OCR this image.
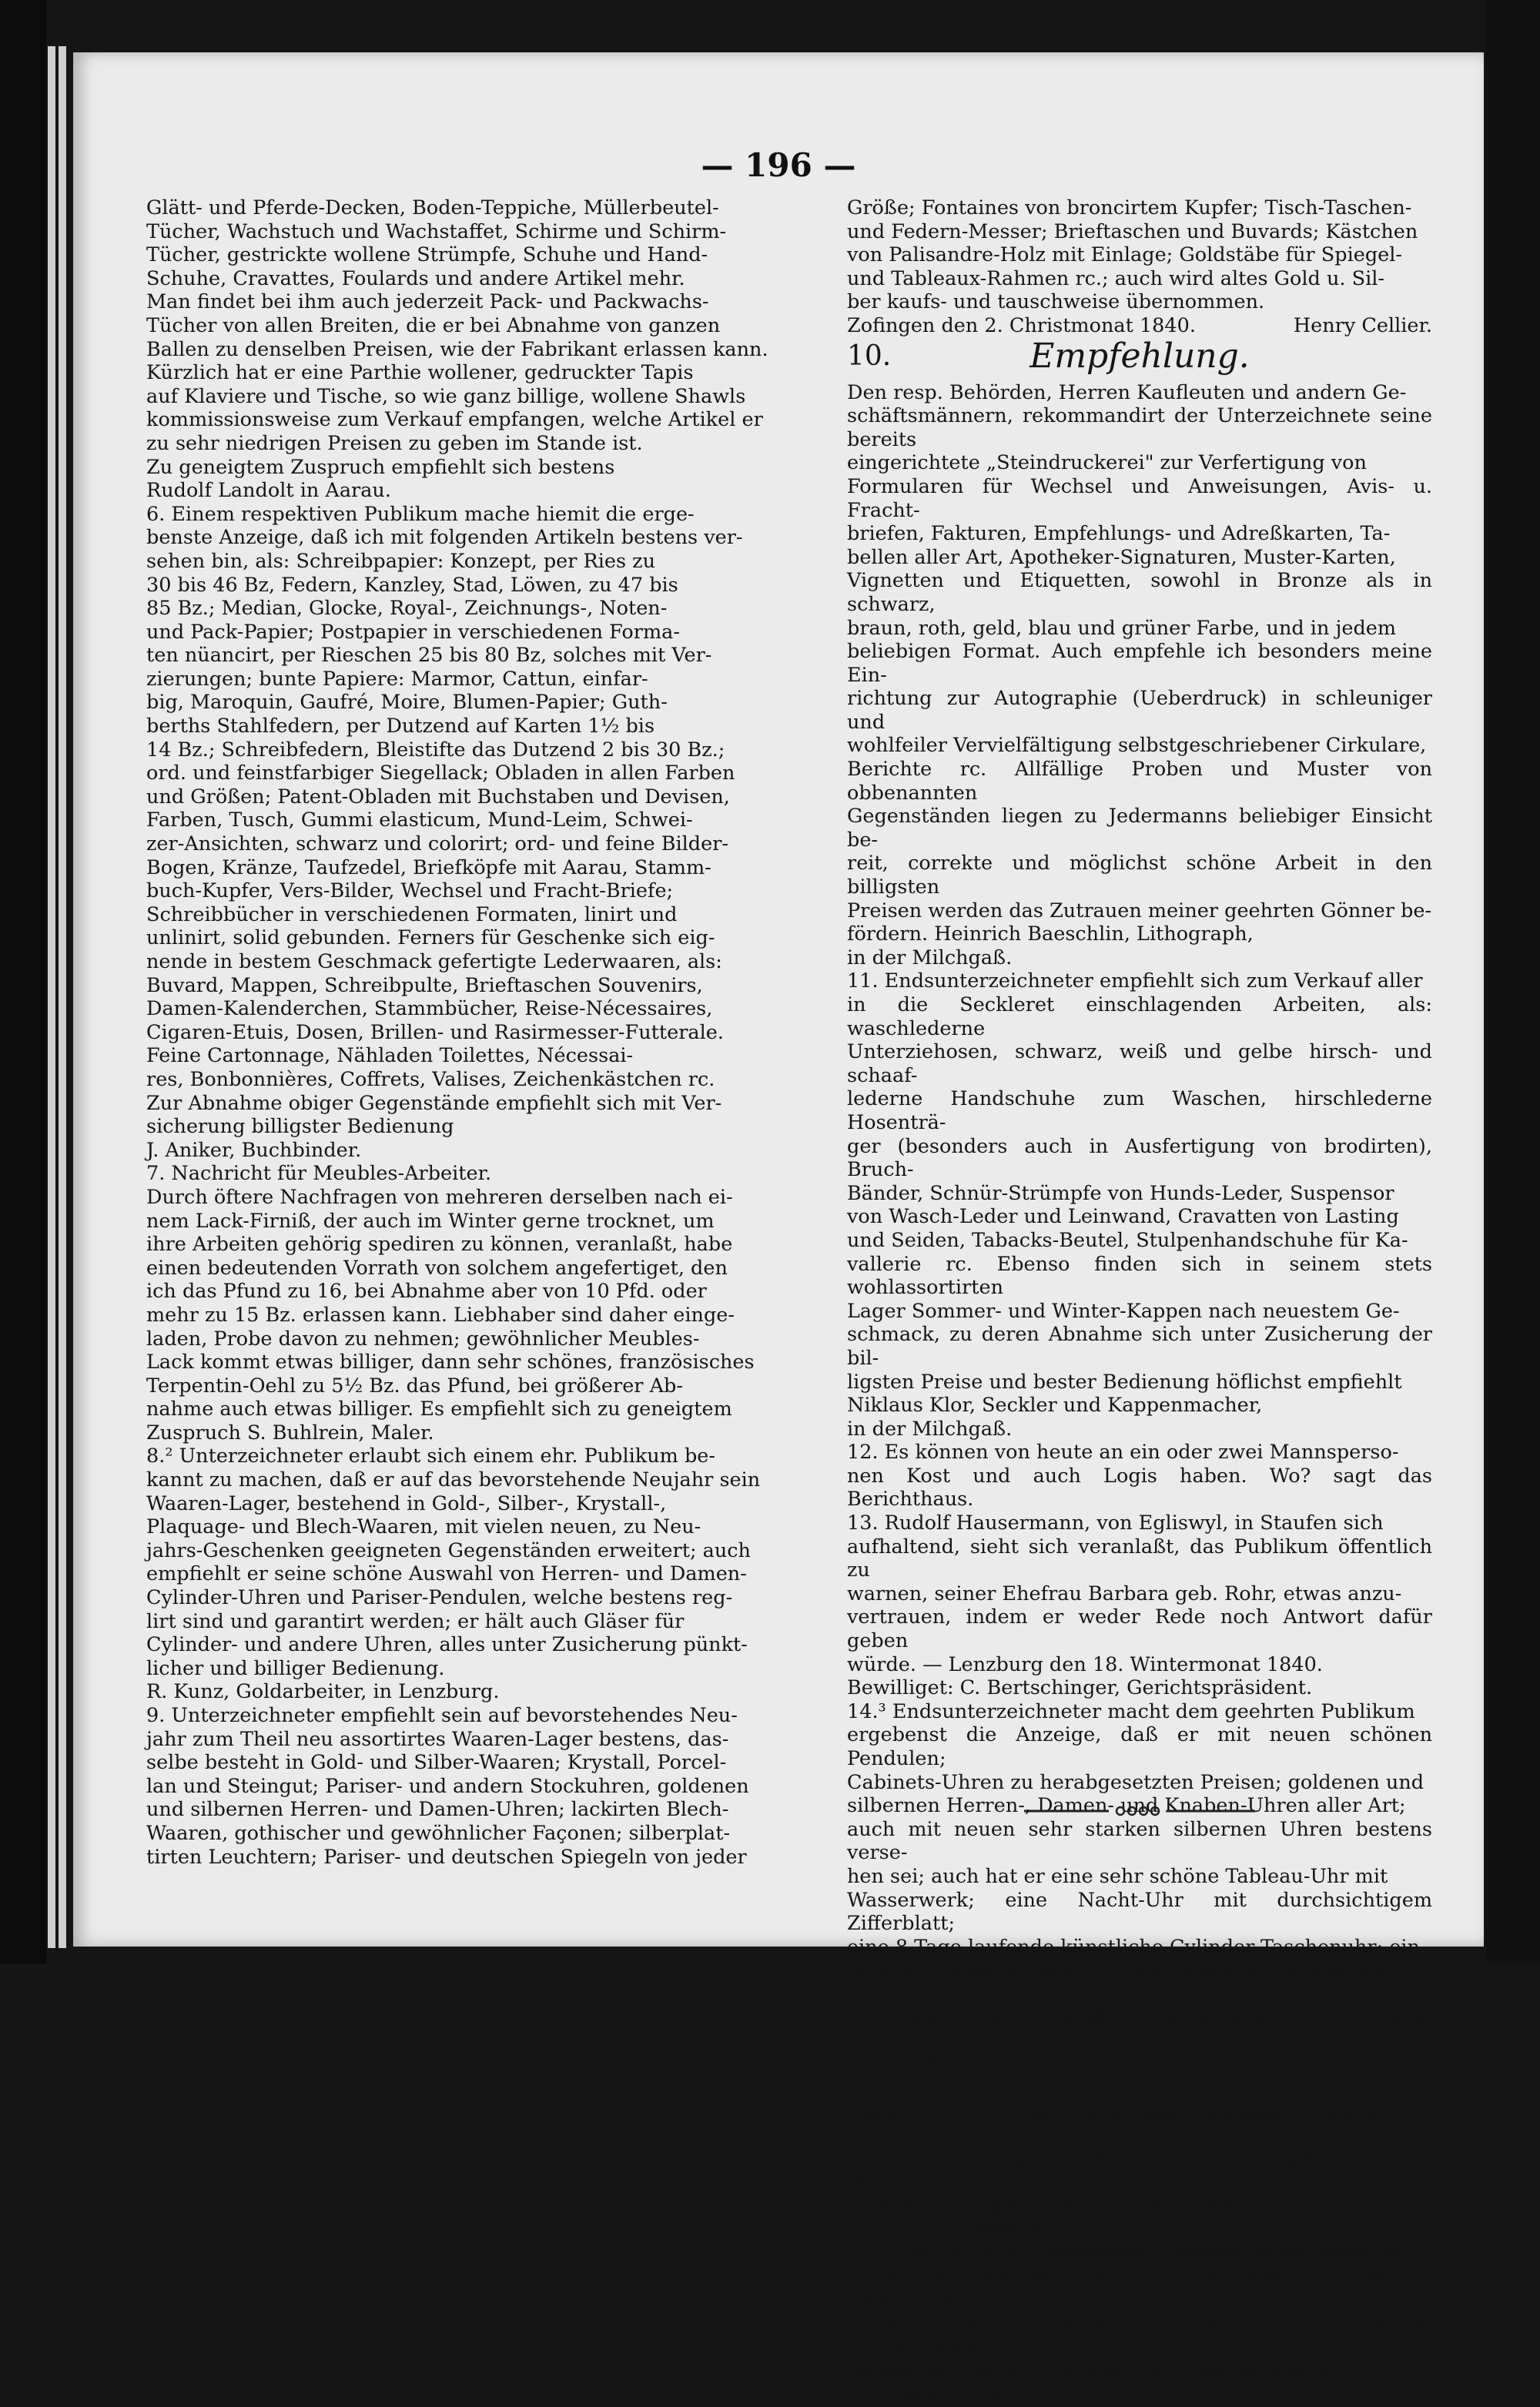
— 196 —

Glätt- und Pferde-Decken, Boden-Teppiche, Müllerbeutel-

Tücher, Wachstuch und Wachstaffet, Schirme und Schirm-

Tücher, gestrickte wollene Strümpfe, Schuhe und Hand-

Schuhe, Cravattes, Foulards und andere Artikel mehr.

Man findet bei ihm auch jederzeit Pack- und Packwachs-

Tücher von allen Breiten, die er bei Abnahme von ganzen

Ballen zu denselben Preisen, wie der Fabrikant erlassen kann.

Kürzlich hat er eine Parthie wollener, gedruckter Tapis

auf Klaviere und Tische, so wie ganz billige, wollene Shawls

kommissionsweise zum Verkauf empfangen, welche Artikel er

zu sehr niedrigen Preisen zu geben im Stande ist.

Zu geneigtem Zuspruch empfiehlt sich bestens

Rudolf Landolt in Aarau.

6. Einem respektiven Publikum mache hiemit die erge-

benste Anzeige, daß ich mit folgenden Artikeln bestens ver-

sehen bin, als: Schreibpapier: Konzept, per Ries zu

30 bis 46 Bz, Federn, Kanzley, Stad, Löwen, zu 47 bis

85 Bz.; Median, Glocke, Royal-, Zeichnungs-, Noten-

und Pack-Papier; Postpapier in verschiedenen Forma-

ten nüancirt, per Rieschen 25 bis 80 Bz, solches mit Ver-

zierungen; bunte Papiere: Marmor, Cattun, einfar-

big, Maroquin, Gaufré, Moire, Blumen-Papier; Guth-

berths Stahlfedern, per Dutzend auf Karten 1½ bis

14 Bz.; Schreibfedern, Bleistifte das Dutzend 2 bis 30 Bz.;

ord. und feinstfarbiger Siegellack; Obladen in allen Farben

und Größen; Patent-Obladen mit Buchstaben und Devisen,

Farben, Tusch, Gummi elasticum, Mund-Leim, Schwei-

zer-Ansichten, schwarz und colorirt; ord- und feine Bilder-

Bogen, Kränze, Taufzedel, Briefköpfe mit Aarau, Stamm-

buch-Kupfer, Vers-Bilder, Wechsel und Fracht-Briefe;

Schreibbücher in verschiedenen Formaten, linirt und

unlinirt, solid gebunden. Ferners für Geschenke sich eig-

nende in bestem Geschmack gefertigte Lederwaaren, als:

Buvard, Mappen, Schreibpulte, Brieftaschen Souvenirs,

Damen-Kalenderchen, Stammbücher, Reise-Nécessaires,

Cigaren-Etuis, Dosen, Brillen- und Rasirmesser-Futterale.

Feine Cartonnage, Nähladen Toilettes, Nécessai-

res, Bonbonnières, Coffrets, Valises, Zeichenkästchen rc.

Zur Abnahme obiger Gegenstände empfiehlt sich mit Ver-

sicherung billigster Bedienung

J. Aniker, Buchbinder.

7. Nachricht für Meubles-Arbeiter.

Durch öftere Nachfragen von mehreren derselben nach ei-

nem Lack-Firniß, der auch im Winter gerne trocknet, um

ihre Arbeiten gehörig spediren zu können, veranlaßt, habe

einen bedeutenden Vorrath von solchem angefertiget, den

ich das Pfund zu 16, bei Abnahme aber von 10 Pfd. oder

mehr zu 15 Bz. erlassen kann. Liebhaber sind daher einge-

laden, Probe davon zu nehmen; gewöhnlicher Meubles-

Lack kommt etwas billiger, dann sehr schönes, französisches

Terpentin-Oehl zu 5½ Bz. das Pfund, bei größerer Ab-

nahme auch etwas billiger. Es empfiehlt sich zu geneigtem

Zuspruch S. Buhlrein, Maler.

8.² Unterzeichneter erlaubt sich einem ehr. Publikum be-

kannt zu machen, daß er auf das bevorstehende Neujahr sein

Waaren-Lager, bestehend in Gold-, Silber-, Krystall-,

Plaquage- und Blech-Waaren, mit vielen neuen, zu Neu-

jahrs-Geschenken geeigneten Gegenständen erweitert; auch

empfiehlt er seine schöne Auswahl von Herren- und Damen-

Cylinder-Uhren und Pariser-Pendulen, welche bestens reg-

lirt sind und garantirt werden; er hält auch Gläser für

Cylinder- und andere Uhren, alles unter Zusicherung pünkt-

licher und billiger Bedienung.

R. Kunz, Goldarbeiter, in Lenzburg.

9. Unterzeichneter empfiehlt sein auf bevorstehendes Neu-

jahr zum Theil neu assortirtes Waaren-Lager bestens, das-

selbe besteht in Gold- und Silber-Waaren; Krystall, Porcel-

lan und Steingut; Pariser- und andern Stockuhren, goldenen

und silbernen Herren- und Damen-Uhren; lackirten Blech-

Waaren, gothischer und gewöhnlicher Façonen; silberplat-

tirten Leuchtern; Pariser- und deutschen Spiegeln von jeder

Größe; Fontaines von broncirtem Kupfer; Tisch-Taschen-

und Federn-Messer; Brieftaschen und Buvards; Kästchen

von Palisandre-Holz mit Einlage; Goldstäbe für Spiegel-

und Tableaux-Rahmen rc.; auch wird altes Gold u. Sil-

ber kaufs- und tauschweise übernommen.

Zofingen den 2. Christmonat 1840.	Henry Cellier.

10.	Empfehlung.

Den resp. Behörden, Herren Kaufleuten und andern Ge-

schäftsmännern, rekommandirt der Unterzeichnete seine bereits

eingerichtete „Steindruckerei" zur Verfertigung von

Formularen für Wechsel und Anweisungen, Avis- u. Fracht-

briefen, Fakturen, Empfehlungs- und Adreßkarten, Ta-

bellen aller Art, Apotheker-Signaturen, Muster-Karten,

Vignetten und Etiquetten, sowohl in Bronze als in schwarz,

braun, roth, geld, blau und grüner Farbe, und in jedem

beliebigen Format. Auch empfehle ich besonders meine Ein-

richtung zur Autographie (Ueberdruck) in schleuniger und

wohlfeiler Vervielfältigung selbstgeschriebener Cirkulare,

Berichte rc. Allfällige Proben und Muster von obbenannten

Gegenständen liegen zu Jedermanns beliebiger Einsicht be-

reit, correkte und möglichst schöne Arbeit in den billigsten

Preisen werden das Zutrauen meiner geehrten Gönner be-

fördern. Heinrich Baeschlin, Lithograph,

in der Milchgaß.

11. Endsunterzeichneter empfiehlt sich zum Verkauf aller

in die Seckleret einschlagenden Arbeiten, als: waschlederne

Unterziehosen, schwarz, weiß und gelbe hirsch- und schaaf-

lederne Handschuhe zum Waschen, hirschlederne Hosenträ-

ger (besonders auch in Ausfertigung von brodirten), Bruch-

Bänder, Schnür-Strümpfe von Hunds-Leder, Suspensor

von Wasch-Leder und Leinwand, Cravatten von Lasting

und Seiden, Tabacks-Beutel, Stulpenhandschuhe für Ka-

vallerie rc. Ebenso finden sich in seinem stets wohlassortirten

Lager Sommer- und Winter-Kappen nach neuestem Ge-

schmack, zu deren Abnahme sich unter Zusicherung der bil-

ligsten Preise und bester Bedienung höflichst empfiehlt

Niklaus Klor, Seckler und Kappenmacher,

in der Milchgaß.

12. Es können von heute an ein oder zwei Mannsperso-

nen Kost und auch Logis haben. Wo? sagt das Berichthaus.

13. Rudolf Hausermann, von Egliswyl, in Staufen sich

aufhaltend, sieht sich veranlaßt, das Publikum öffentlich zu

warnen, seiner Ehefrau Barbara geb. Rohr, etwas anzu-

vertrauen, indem er weder Rede noch Antwort dafür geben

würde. — Lenzburg den 18. Wintermonat 1840.

Bewilliget: C. Bertschinger, Gerichtspräsident.

14.³ Endsunterzeichneter macht dem geehrten Publikum

ergebenst die Anzeige, daß er mit neuen schönen Pendulen;

Cabinets-Uhren zu herabgesetzten Preisen; goldenen und

silbernen Herren-, Damen- und Knaben-Uhren aller Art;

auch mit neuen sehr starken silbernen Uhren bestens verse-

hen sei; auch hat er eine sehr schöne Tableau-Uhr mit

Wasserwerk; eine Nacht-Uhr mit durchsichtigem Zifferblatt;

eine 8 Tage laufende künstliche Cylinder-Taschenuhr; ein

großes wohlschliessendes, starktönendes Musik-Werk, 4 der

beliebtesten Stücke spielend; nebst andern Musik-Dosen, 3

und 2 Stücke spielend; alles auf ein Jahr Garantie; und

hält immer sehr feine und flache Gläser für Cylinder- und

andere Uhren, billige und gute Bedienung versichernd; wo-

mit er sich seinen werthen Gönnern zu Stadt und Land fer-

ners für geneigten Zuspruch empfiehlt.

G. F. Fisch, Uhrenmacher.

15.³ Zwei vielfach bewanderte Kleiderreiniger haben sich

in hiesiger Stadt verbunden, alte Kleidungsstücke, als:

Wolle, Seide, Indienne, Perstenne, Merinos rc. zu rei-

nigen. Beide möchten sich dem ehr. Publikum unterthänigst

empfohlen haben. Ihre Wohnung befindet sich in Nr. 67.

bei Wittwe Gysi.
